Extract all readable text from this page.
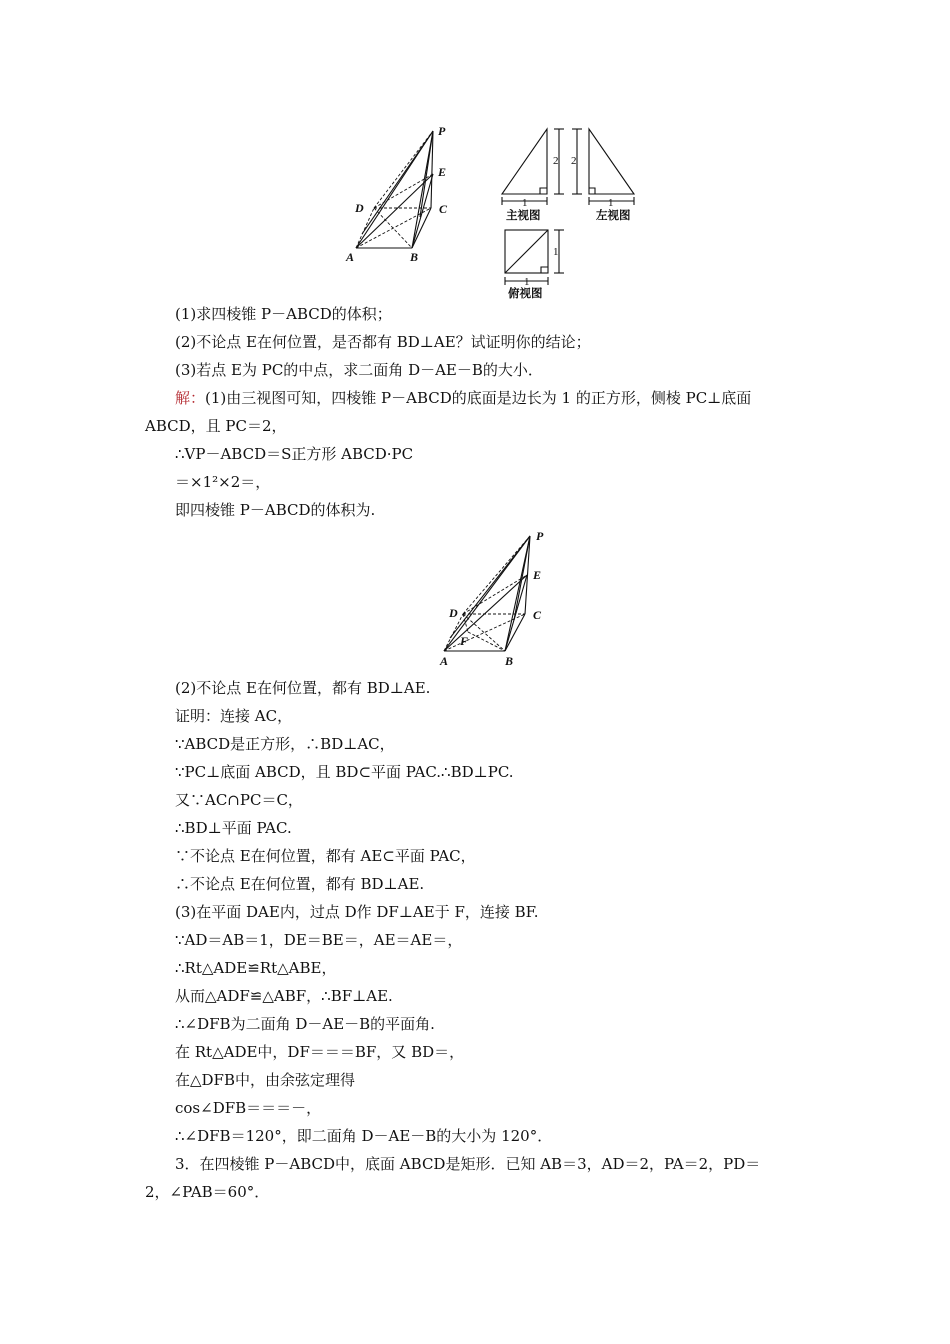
P
E
D	C
A	B
2
1
主视图
2
1
左视图
1
1
俯视图
(1)求四棱锥 P－ABCD的体积；
(2)不论点 E在何位置，是否都有 BD⊥AE？试证明你的结论；
(3)若点 E为 PC的中点，求二面角 D－AE－B的大小．
解：(1)由三视图可知，四棱锥 P－ABCD的底面是边长为 1 的正方形，侧棱 PC⊥底面
ABCD，且 PC＝2，
∴VP－ABCD＝S正方形 ABCD·PC
＝×1²×2＝，
即四棱锥 P－ABCD的体积为.
P
E
D	C
F
A	B
(2)不论点 E在何位置，都有 BD⊥AE.
证明：连接 AC，
∵ABCD是正方形，∴BD⊥AC，
∵PC⊥底面 ABCD，且 BD⊂平面 PAC.∴BD⊥PC.
又∵AC∩PC＝C，
∴BD⊥平面 PAC.
∵不论点 E在何位置，都有 AE⊂平面 PAC，
∴不论点 E在何位置，都有 BD⊥AE.
(3)在平面 DAE内，过点 D作 DF⊥AE于 F，连接 BF.
∵AD＝AB＝1，DE＝BE＝，AE＝AE＝，
∴Rt△ADE≌Rt△ABE，
从而△ADF≌△ABF，∴BF⊥AE.
∴∠DFB为二面角 D－AE－B的平面角.
在 Rt△ADE中，DF＝＝＝BF，又 BD＝，
在△DFB中，由余弦定理得
cos∠DFB＝＝＝－，
∴∠DFB＝120°，即二面角 D－AE－B的大小为 120°．
3．在四棱锥 P－ABCD中，底面 ABCD是矩形．已知 AB＝3，AD＝2，PA＝2，PD＝
2，∠PAB＝60°．
